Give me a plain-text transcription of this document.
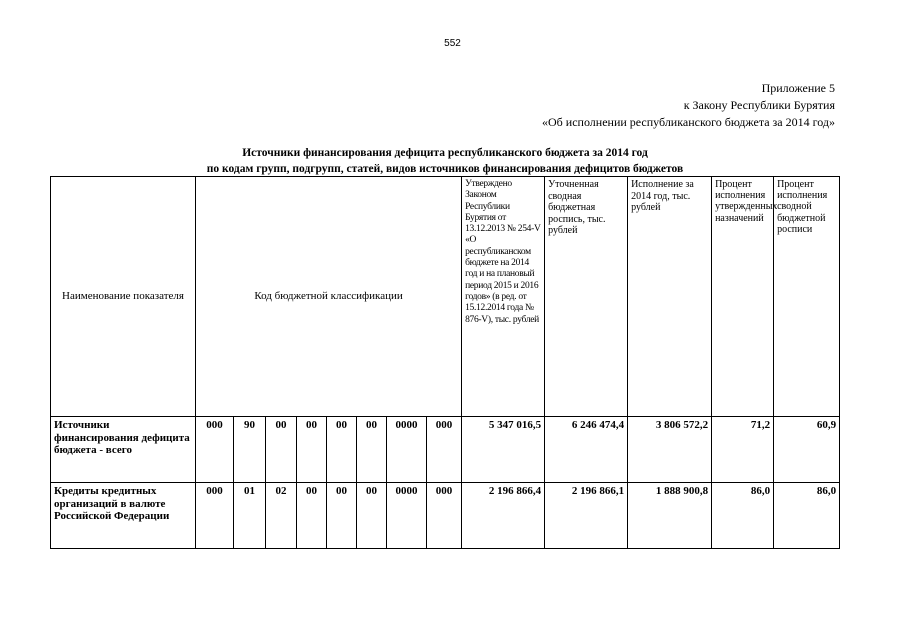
552
Приложение 5
к Закону Республики Бурятия
«Об исполнении республиканского бюджета за 2014 год»
Источники финансирования дефицита республиканского бюджета за 2014 год
по кодам групп, подгрупп, статей, видов источников финансирования дефицитов бюджетов
Наименование показателя	Код бюджетной классификации								Утверждено Законом Республики Бурятия от 13.12.2013 № 254-V «О республиканском бюджете на 2014 год и на плановый период 2015 и 2016 годов» (в ред. от 15.12.2014 года № 876-V), тыс. рублей	Уточненная сводная бюджетная роспись, тыс. рублей	Исполнение за 2014 год, тыс. рублей	Процент исполнения утвержденных назначений	Процент исполнения сводной бюджетной росписи
Источники финансирования дефицита бюджета - всего	000	90	00	00	00	00	0000	000	5 347 016,5	6 246 474,4	3 806 572,2	71,2	60,9
Кредиты кредитных организаций в валюте Российской Федерации	000	01	02	00	00	00	0000	000	2 196 866,4	2 196 866,1	1 888 900,8	86,0	86,0
